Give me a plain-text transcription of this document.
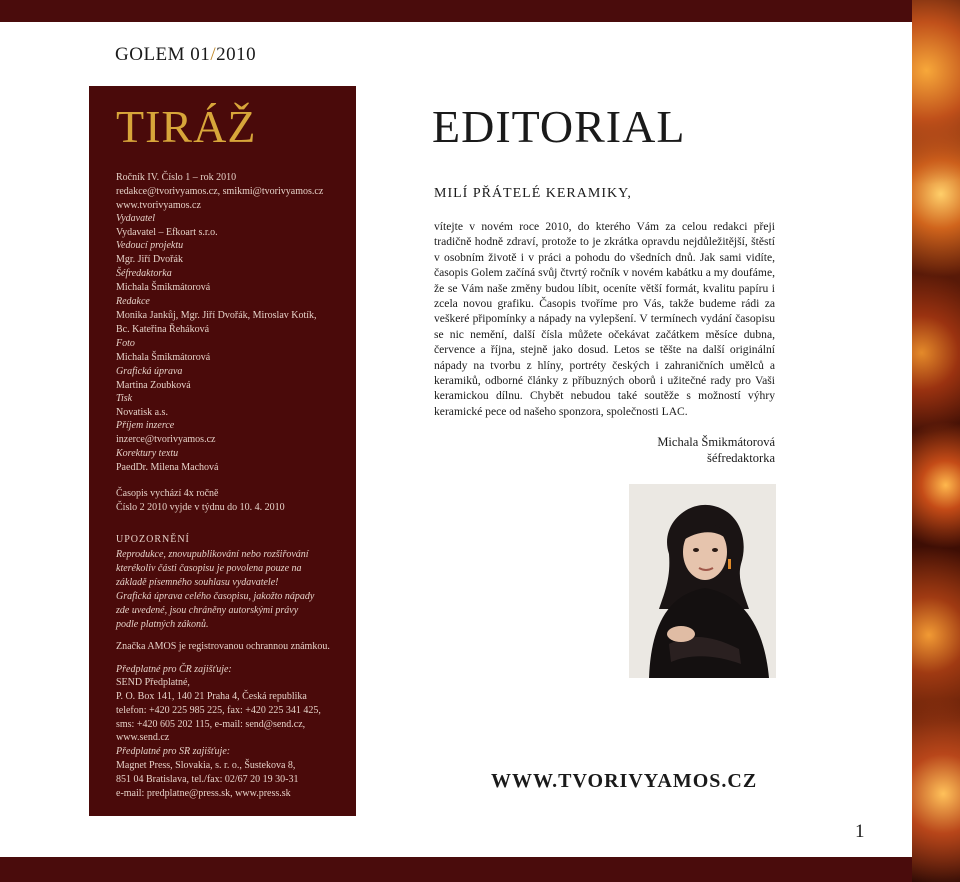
GOLEM 01/2010
TIRÁŽ
Ročník IV. Číslo 1 – rok 2010
redakce@tvorivyamos.cz, smikmi@tvorivyamos.cz
www.tvorivyamos.cz
Vydavatel
Vydavatel – Efkoart s.r.o.
Vedoucí projektu
Mgr. Jiří Dvořák
Šéfredaktorka
Michala Šmikmátorová
Redakce
Monika Jankůj, Mgr. Jiří Dvořák, Miroslav Kotík,
Bc. Kateřina Řeháková
Foto
Michala Šmikmátorová
Grafická úprava
Martina Zoubková
Tisk
Novatisk a.s.
Příjem inzerce
inzerce@tvorivyamos.cz
Korektury textu
PaedDr. Milena Machová
Časopis vychází 4x ročně
Číslo 2 2010 vyjde v týdnu do 10. 4. 2010
UPOZORNĚNÍ
Reprodukce, znovupublikování nebo rozšiřování
kterékoliv části časopisu je povolena pouze na
základě písemného souhlasu vydavatele!
Grafická úprava celého časopisu, jakožto nápady
zde uvedené, jsou chráněny autorskými právy
podle platných zákonů.
Značka AMOS je registrovanou ochrannou známkou.
Předplatné pro ČR zajišťuje:
SEND Předplatné,
P. O. Box 141, 140 21 Praha 4, Česká republika
telefon: +420 225 985 225, fax: +420 225 341 425,
sms: +420 605 202 115, e-mail: send@send.cz,
www.send.cz
Předplatné pro SR zajišťuje:
Magnet Press, Slovakia, s. r. o., Šustekova 8,
851 04 Bratislava, tel./fax: 02/67 20 19 30-31
e-mail: predplatne@press.sk, www.press.sk
EDITORIAL
MILÍ PŘÁTELÉ KERAMIKY,
vítejte v novém roce 2010, do kterého Vám za celou redakci přeji tradičně hodně zdraví, protože to je zkrátka opravdu nejdůležitější, štěstí v osobním životě i v práci a pohodu do všedních dnů. Jak sami vidíte, časopis Golem začíná svůj čtvrtý ročník v novém kabátku a my doufáme, že se Vám naše změny budou líbit, oceníte větší formát, kvalitu papíru i zcela novou grafiku. Časopis tvoříme pro Vás, takže budeme rádi za veškeré připomínky a nápady na vylepšení. V termínech vydání časopisu se nic nemění, další čísla můžete očekávat začátkem měsíce dubna, července a října, stejně jako dosud. Letos se těšte na další originální nápady na tvorbu z hlíny, portréty českých i zahraničních umělců a keramiků, odborné články z příbuzných oborů i užitečné rady pro Vaši keramickou dílnu. Chybět nebudou také soutěže s možností výhry keramické pece od našeho sponzora, společnosti LAC.
Michala Šmikmátorová
šéfredaktorka
WWW.TVORIVYAMOS.CZ
1
